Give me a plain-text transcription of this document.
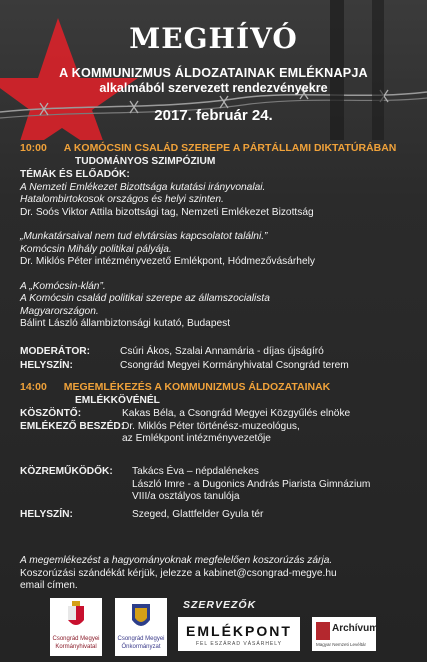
MEGHÍVÓ
A KOMMUNIZMUS ÁLDOZATAINAK EMLÉKNAPJA
alkalmából szervezett rendezvényekre
2017. február 24.
10:00 A KOMÓCSIN CSALÁD SZEREPE A PÁRTÁLLAMI DIKTATÚRÁBAN
TUDOMÁNYOS SZIMPÓZIUM
TÉMÁK ÉS ELŐADÓK:
A Nemzeti Emlékezet Bizottsága kutatási irányvonalai.
Hatalombirtokosok országos és helyi szinten.
Dr. Soós Viktor Attila bizottsági tag, Nemzeti Emlékezet Bizottság
„Munkatársaival nem tud elvtársias kapcsolatot találni.”
Komócsin Mihály politikai pályája.
Dr. Miklós Péter intézményvezető Emlékpont, Hódmezővásárhely
A „Komócsin-klán”.
A Komócsin család politikai szerepe az államszocialista
Magyarországon.
Bálint László állambiztonsági kutató, Budapest
MODERÁTOR:	Csúri Ákos, Szalai Annamária - díjas újságíró
HELYSZÍN:	Csongrád Megyei Kormányhivatal Csongrád terem
14:00 MEGEMLÉKEZÉS A KOMMUNIZMUS ÁLDOZATAINAK
EMLÉKKÖVÉNÉL
KÖSZÖNTŐ:	Kakas Béla, a Csongrád Megyei Közgyűlés elnöke
EMLÉKEZŐ BESZÉD:Dr. Miklós Péter történész-muzeológus,
az Emlékpont intézményvezetője
KÖZREMŰKÖDŐK: Takács Éva – népdalénekes
László Imre - a Dugonics András Piarista Gimnázium
VIII/a osztályos tanulója
HELYSZÍN:	Szeged, Glattfelder Gyula tér
A megemlékezést a hagyományoknak megfelelően koszorúzás zárja.
Koszorúzási szándékát kérjük, jelezze a kabinet@csongrad-megye.hu
email címen.
Csongrád Megyei
Kormányhivatal
Csongrád Megyei
Önkormányzat
SZERVEZŐK
EMLÉKPONT
FEL ESZÁRAD VÁSÁRHELY
Archívum
Magyar Nemzeti Levéltár
